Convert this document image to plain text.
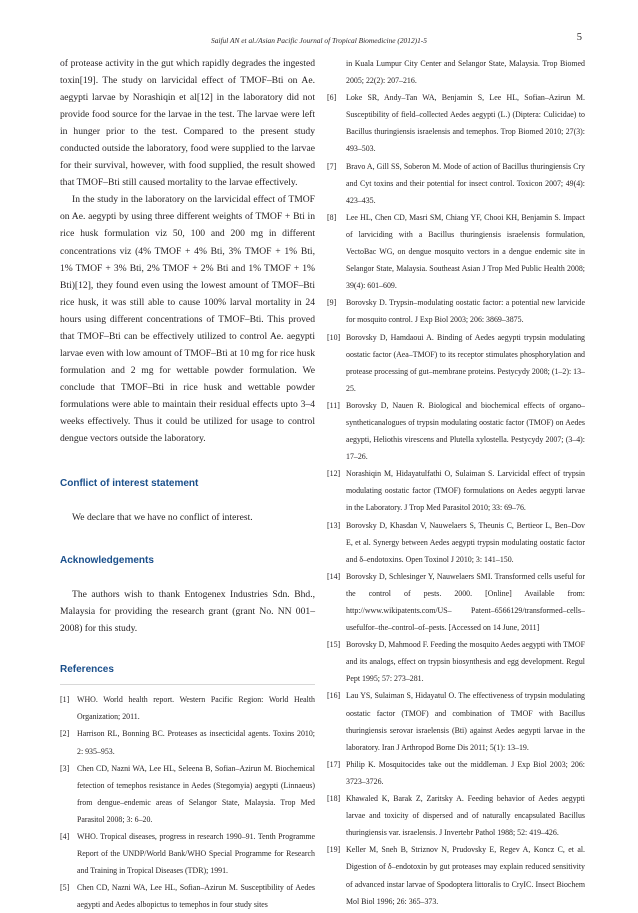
Saiful AN et al./Asian Pacific Journal of Tropical Biomedicine (2012)1-5	5

of protease activity in the gut which rapidly degrades the ingested toxin[19]. The study on larvicidal effect of TMOF–Bti on Ae. aegypti larvae by Norashiqin et al[12] in the laboratory did not provide food source for the larvae in the test. The larvae were left in hunger prior to the test. Compared to the present study conducted outside the laboratory, food were supplied to the larvae for their survival, however, with food supplied, the result showed that TMOF–Bti still caused mortality to the larvae effectively.

In the study in the laboratory on the larvicidal effect of TMOF on Ae. aegypti by using three different weights of TMOF + Bti in rice husk formulation viz 50, 100 and 200 mg in different concentrations viz (4% TMOF + 4% Bti, 3% TMOF + 1% Bti, 1% TMOF + 3% Bti, 2% TMOF + 2% Bti and 1% TMOF + 1% Bti)[12], they found even using the lowest amount of TMOF–Bti rice husk, it was still able to cause 100% larval mortality in 24 hours using different concentrations of TMOF–Bti. This proved that TMOF–Bti can be effectively utilized to control Ae. aegypti larvae even with low amount of TMOF–Bti at 10 mg for rice husk formulation and 2 mg for wettable powder formulation. We conclude that TMOF–Bti in rice husk and wettable powder formulations were able to maintain their residual effects upto 3–4 weeks effectively. Thus it could be utilized for usage to control dengue vectors outside the laboratory.

Conflict of interest statement

We declare that we have no conflict of interest.

Acknowledgements

The authors wish to thank Entogenex Industries Sdn. Bhd., Malaysia for providing the research grant (grant No. NN 001–2008) for this study.

References
[1] WHO. World health report. Western Pacific Region: World Health Organization; 2011.
[2] Harrison RL, Bonning BC. Proteases as insecticidal agents. Toxins 2010; 2: 935–953.
[3] Chen CD, Nazni WA, Lee HL, Seleena B, Sofian–Azirun M. Biochemical fetection of temephos resistance in Aedes (Stegomyia) aegypti (Linnaeus) from dengue–endemic areas of Selangor State, Malaysia. Trop Med Parasitol 2008; 3: 6–20.
[4] WHO. Tropical diseases, progress in research 1990–91. Tenth Programme Report of the UNDP/World Bank/WHO Special Programme for Research and Training in Tropical Diseases (TDR); 1991.
[5] Chen CD, Nazni WA, Lee HL, Sofian–Azirun M. Susceptibility of Aedes aegypti and Aedes albopictus to temephos in four study sites
in Kuala Lumpur City Center and Selangor State, Malaysia. Trop Biomed 2005; 22(2): 207–216.
[6] Loke SR, Andy–Tan WA, Benjamin S, Lee HL, Sofian–Azirun M. Susceptibility of field–collected Aedes aegypti (L.) (Diptera: Culicidae) to Bacillus thuringiensis israelensis and temephos. Trop Biomed 2010; 27(3): 493–503.
[7] Bravo A, Gill SS, Soberon M. Mode of action of Bacillus thuringiensis Cry and Cyt toxins and their potential for insect control. Toxicon 2007; 49(4): 423–435.
[8] Lee HL, Chen CD, Masri SM, Chiang YF, Chooi KH, Benjamin S. Impact of larviciding with a Bacillus thuringiensis israelensis formulation, VectoBac WG, on dengue mosquito vectors in a dengue endemic site in Selangor State, Malaysia. Southeast Asian J Trop Med Public Health 2008; 39(4): 601–609.
[9] Borovsky D. Trypsin–modulating oostatic factor: a potential new larvicide for mosquito control. J Exp Biol 2003; 206: 3869–3875.
[10] Borovsky D, Hamdaoui A. Binding of Aedes aegypti trypsin modulating oostatic factor (Aea–TMOF) to its receptor stimulates phosphorylation and protease processing of gut–membrane proteins. Pestycydy 2008; (1–2): 13–25.
[11] Borovsky D, Nauen R. Biological and biochemical effects of organo–syntheticanalogues of trypsin modulating oostatic factor (TMOF) on Aedes aegypti, Heliothis virescens and Plutella xylostella. Pestycydy 2007; (3–4): 17–26.
[12] Norashiqin M, Hidayatulfathi O, Sulaiman S. Larvicidal effect of trypsin modulating oostatic factor (TMOF) formulations on Aedes aegypti larvae in the Laboratory. J Trop Med Parasitol 2010; 33: 69–76.
[13] Borovsky D, Khasdan V, Nauwelaers S, Theunis C, Bertieor L, Ben–Dov E, et al. Synergy between Aedes aegypti trypsin modulating oostatic factor and δ–endotoxins. Open Toxinol J 2010; 3: 141–150.
[14] Borovsky D, Schlesinger Y, Nauwelaers SMI. Transformed cells useful for the control of pests. 2000. [Online] Available from: http://www.wikipatents.com/US– Patent–6566129/transformed–cells–usefulfor–the–control–of–pests. [Accessed on 14 June, 2011]
[15] Borovsky D, Mahmood F. Feeding the mosquito Aedes aegypti with TMOF and its analogs, effect on trypsin biosynthesis and egg development. Regul Pept 1995; 57: 273–281.
[16] Lau YS, Sulaiman S, Hidayatul O. The effectiveness of trypsin modulating oostatic factor (TMOF) and combination of TMOF with Bacillus thuringiensis serovar israelensis (Bti) against Aedes aegypti larvae in the laboratory. Iran J Arthropod Borne Dis 2011; 5(1): 13–19.
[17] Philip K. Mosquitocides take out the middleman. J Exp Biol 2003; 206: 3723–3726.
[18] Khawaled K, Barak Z, Zaritsky A. Feeding behavior of Aedes aegypti larvae and toxicity of dispersed and of naturally encapsulated Bacillus thuringiensis var. israelensis. J Invertebr Pathol 1988; 52: 419–426.
[19] Keller M, Sneh B, Striznov N, Prudovsky E, Regev A, Koncz C, et al. Digestion of δ–endotoxin by gut proteases may explain reduced sensitivity of advanced instar larvae of Spodoptera littoralis to CryIC. Insect Biochem Mol Biol 1996; 26: 365–373.
